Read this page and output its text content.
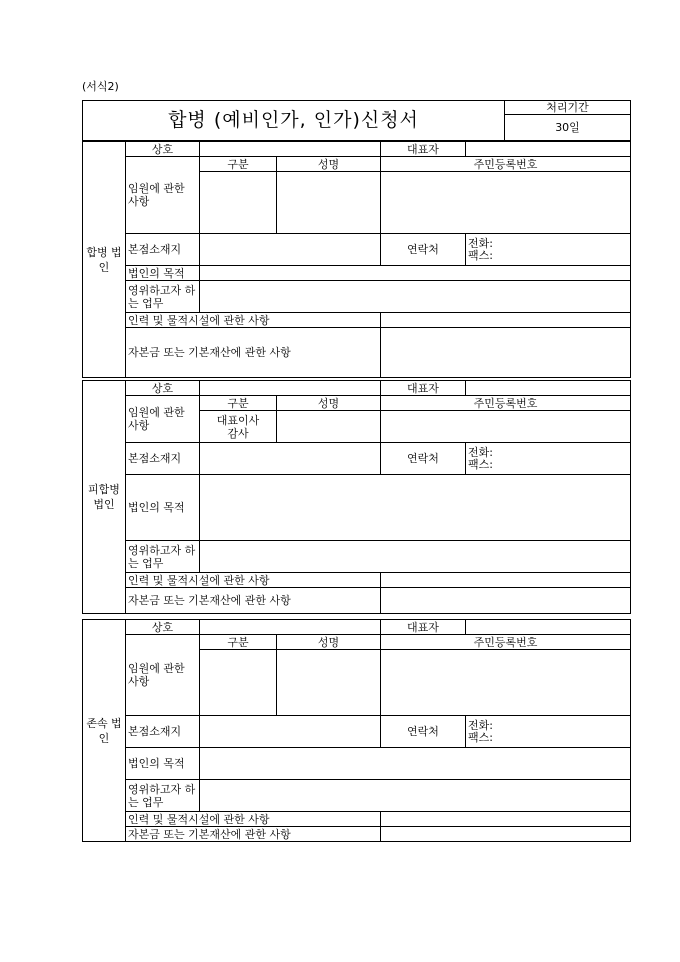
(서식2)
합병 (예비인가, 인가)신청서	처리기간
30일
합병 법인	상호			대표자	
	임원에 관한 사항	구분	성명	주민등록번호	

	본점소재지			연락처	전화:
팩스:

	법인의 목적				
	영위하고자 하는 업무				
	인력 및 물적시설에 관한 사항				
	자본금 또는 기본재산에 관한 사항				
피합병 법인	상호			대표자	
	임원에 관한 사항	구분	성명	주민등록번호	

		대표이사
감사			

	본점소재지			연락처	전화:
팩스:

	법인의 목적				
	영위하고자 하는 업무				
	인력 및 물적시설에 관한 사항				
	자본금 또는 기본재산에 관한 사항				
존속 법인	상호			대표자	
	임원에 관한 사항	구분	성명	주민등록번호	

	본점소재지			연락처	전화:
팩스:

	법인의 목적				
	영위하고자 하는 업무				
	인력 및 물적시설에 관한 사항				
	자본금 또는 기본재산에 관한 사항				
